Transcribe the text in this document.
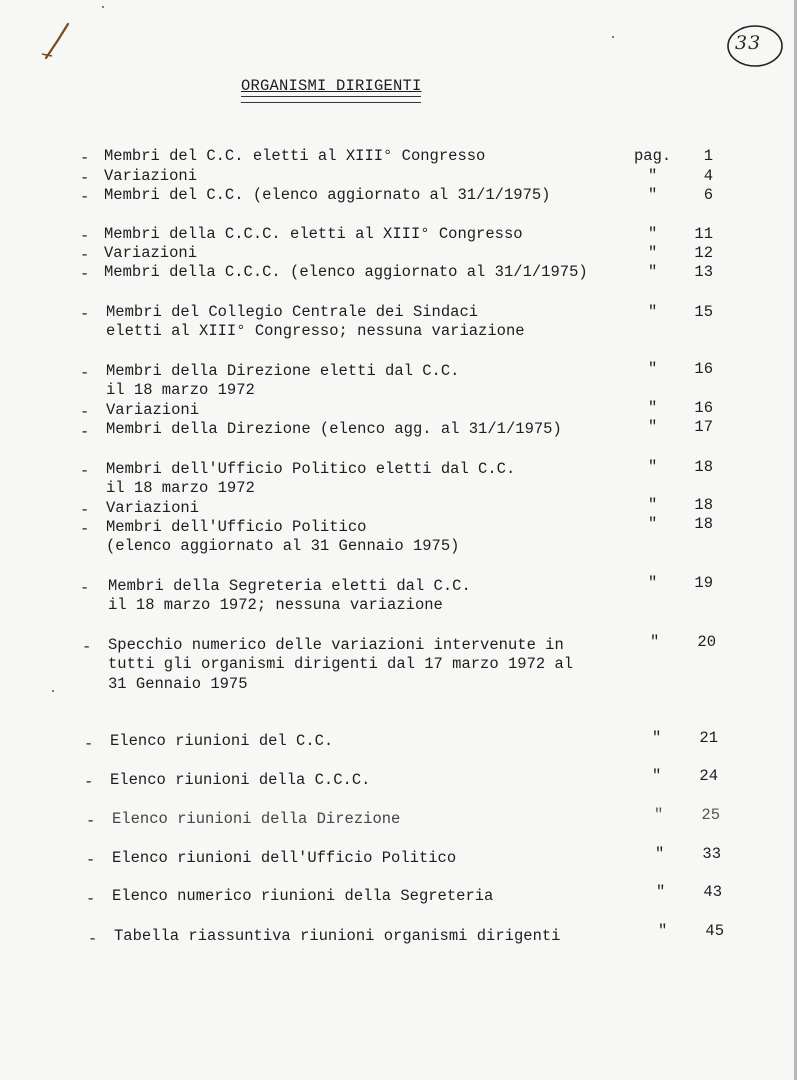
33
ORGANISMI DIRIGENTI
- Membri del C.C. eletti al XIII° Congresso	pag.	1
- Variazioni	"	4
- Membri del C.C. (elenco aggiornato al 31/1/1975)	"	6
- Membri della C.C.C. eletti al XIII° Congresso	"	11
- Variazioni	"	12
- Membri della C.C.C. (elenco aggiornato al 31/1/1975)	"	13
- Membri del Collegio Centrale dei Sindaci
eletti al XIII° Congresso; nessuna variazione
"	15
- Membri della Direzione eletti dal C.C.
il 18 marzo 1972
"	16
- Variazioni	"	16
- Membri della Direzione (elenco agg. al 31/1/1975)	"	17
- Membri dell'Ufficio Politico eletti dal C.C.
il 18 marzo 1972
"	18
- Variazioni	"	18
- Membri dell'Ufficio Politico
(elenco aggiornato al 31 Gennaio 1975)
"	18
- Membri della Segreteria eletti dal C.C.
il 18 marzo 1972; nessuna variazione
"	19
- Specchio numerico delle variazioni intervenute in
tutti gli organismi dirigenti dal 17 marzo 1972 al
31 Gennaio 1975
"	20
- Elenco riunioni del C.C.	"	21
- Elenco riunioni della C.C.C.	"	24
- Elenco riunioni della Direzione	"	25
- Elenco riunioni dell'Ufficio Politico	"	33
- Elenco numerico riunioni della Segreteria	"	43
- Tabella riassuntiva riunioni organismi dirigenti	"	45
